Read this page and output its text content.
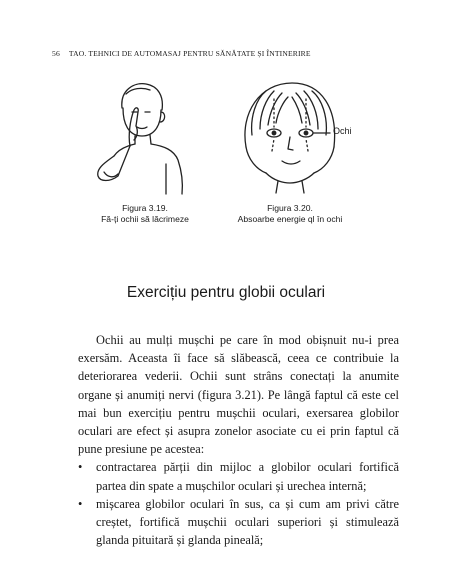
56 TAO. TEHNICI DE AUTOMASAJ PENTRU SĂNĂTATE ȘI ÎNTINERIRE
Ochi
Figura 3.19.
Fă-ți ochii să lăcrimeze
Figura 3.20.
Absoarbe energie ql în ochi
Exercițiu pentru globii oculari

Ochii au mulți mușchi pe care în mod obișnuit nu-i prea exersăm. Aceasta îi face să slăbească, ceea ce contribuie la deteriorarea vederii. Ochii sunt strâns conectați la anumite organe și anumiți nervi (figura 3.21). Pe lângă faptul că este cel mai bun exercițiu pentru mușchii oculari, exersarea globilor oculari are efect și asupra zonelor asociate cu ei prin faptul că pune presiune pe acestea:

• contractarea părții din mijloc a globilor oculari fortifică partea din spate a mușchilor oculari și urechea internă;
• mișcarea globilor oculari în sus, ca și cum am privi către creștet, fortifică mușchii oculari superiori și stimulează glanda pituitară și glanda pineală;
